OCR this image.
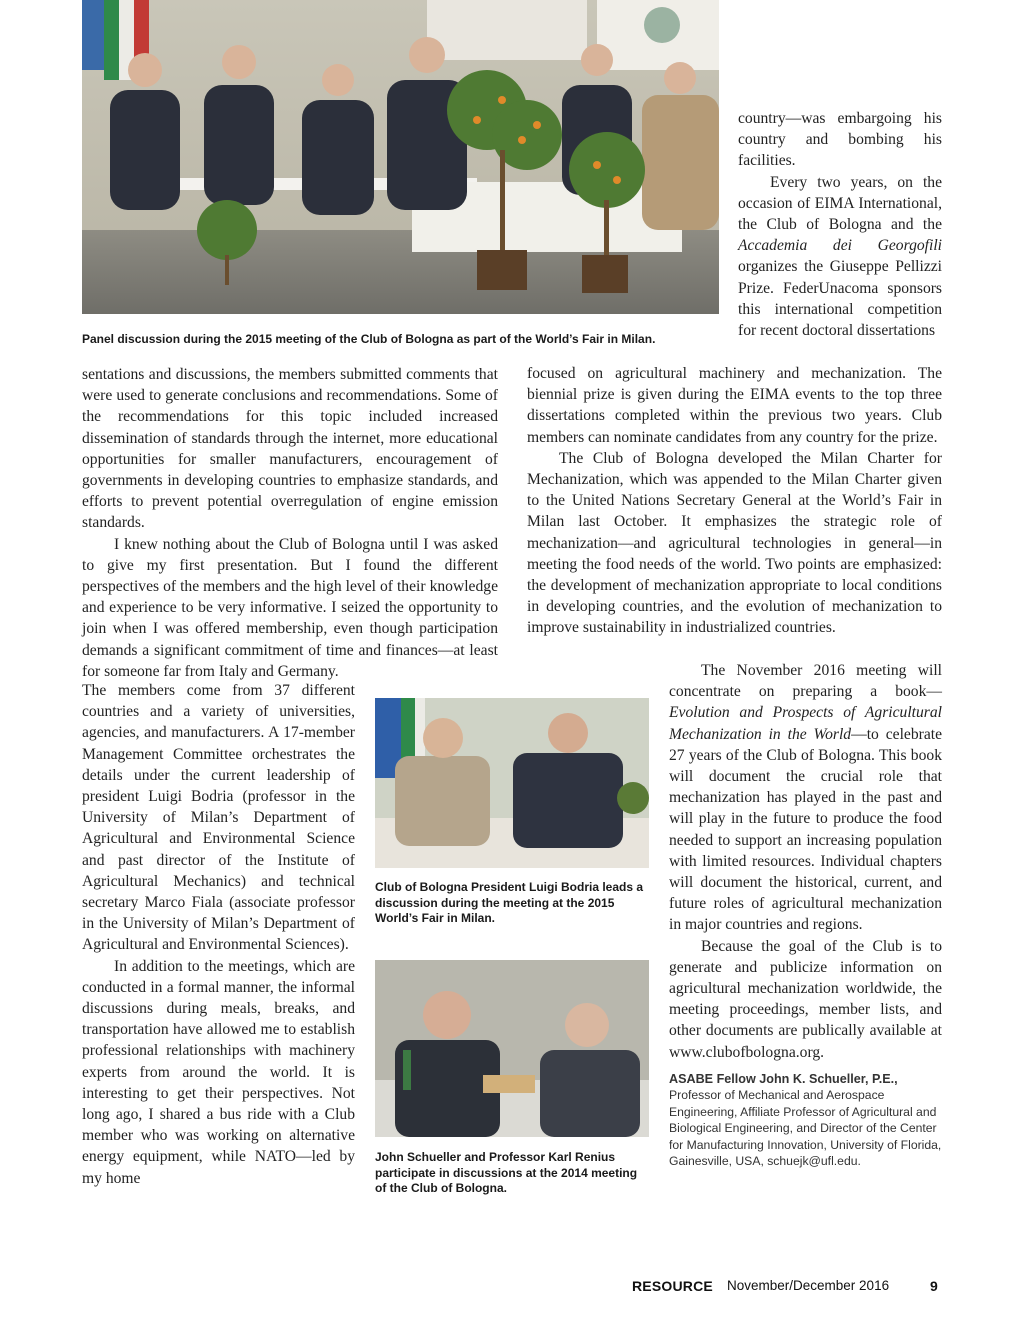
Panel discussion during the 2015 meeting of the Club of Bologna as part of the World’s Fair in Milan.

sentations and discussions, the members submitted comments that were used to generate conclusions and recommendations. Some of the recommendations for this topic included increased dissemination of standards through the internet, more educational opportunities for smaller manufacturers, encouragement of governments in developing countries to emphasize standards, and efforts to prevent potential overregulation of engine emission standards.

I knew nothing about the Club of Bologna until I was asked to give my first presentation. But I found the different perspectives of the members and the high level of their knowledge and experience to be very informative. I seized the opportunity to join when I was offered membership, even though participation demands a significant commitment of time and finances—at least for someone far from Italy and Germany.

The members come from 37 different countries and a variety of universities, agencies, and manufacturers. A 17-member Management Committee orchestrates the details under the current leadership of president Luigi Bodria (professor in the University of Milan’s Department of Agricultural and Environmental Science and past director of the Institute of Agricultural Mechanics) and technical secretary Marco Fiala (associate professor in the University of Milan’s Department of Agricultural and Environmental Sciences).

In addition to the meetings, which are conducted in a formal manner, the informal discussions during meals, breaks, and transportation have allowed me to establish professional relationships with machinery experts from around the world. It is interesting to get their perspectives. Not long ago, I shared a bus ride with a Club member who was working on alternative energy equipment, while NATO—led by my home

Club of Bologna President Luigi Bodria leads a discussion during the meeting at the 2015 World’s Fair in Milan.
John Schueller and Professor Karl Renius participate in discussions at the 2014 meeting of the Club of Bologna.

country—was embargoing his country and bombing his facilities.

Every two years, on the occasion of EIMA International, the Club of Bologna and the Accademia dei Georgofili organizes the Giuseppe Pellizzi Prize. FederUnacoma sponsors this international competition for recent doctoral dissertations

focused on agricultural machinery and mechanization. The biennial prize is given during the EIMA events to the top three dissertations completed within the previous two years. Club members can nominate candidates from any country for the prize.

The Club of Bologna developed the Milan Charter for Mechanization, which was appended to the Milan Charter given to the United Nations Secretary General at the World’s Fair in Milan last October. It emphasizes the strategic role of mechanization—and agricultural technologies in general—in meeting the food needs of the world. Two points are emphasized: the development of mechanization appropriate to local conditions in developing countries, and the evolution of mechanization to improve sustainability in industrialized countries.

The November 2016 meeting will concentrate on preparing a book—Evolution and Prospects of Agricultural Mechanization in the World—to celebrate 27 years of the Club of Bologna. This book will document the crucial role that mechanization has played in the past and will play in the future to produce the food needed to support an increasing population with limited resources. Individual chapters will document the historical, current, and future roles of agricultural mechanization in major countries and regions.

Because the goal of the Club is to generate and publicize information on agricultural mechanization worldwide, the meeting proceedings, member lists, and other documents are publically available at www.clubofbologna.org.

ASABE Fellow John K. Schueller, P.E.,
Professor of Mechanical and Aerospace Engineering, Affiliate Professor of Agricultural and Biological Engineering, and Director of the Center for Manufacturing Innovation, University of Florida, Gainesville, USA, schuejk@ufl.edu.
RESOURCE November/December 2016	9
